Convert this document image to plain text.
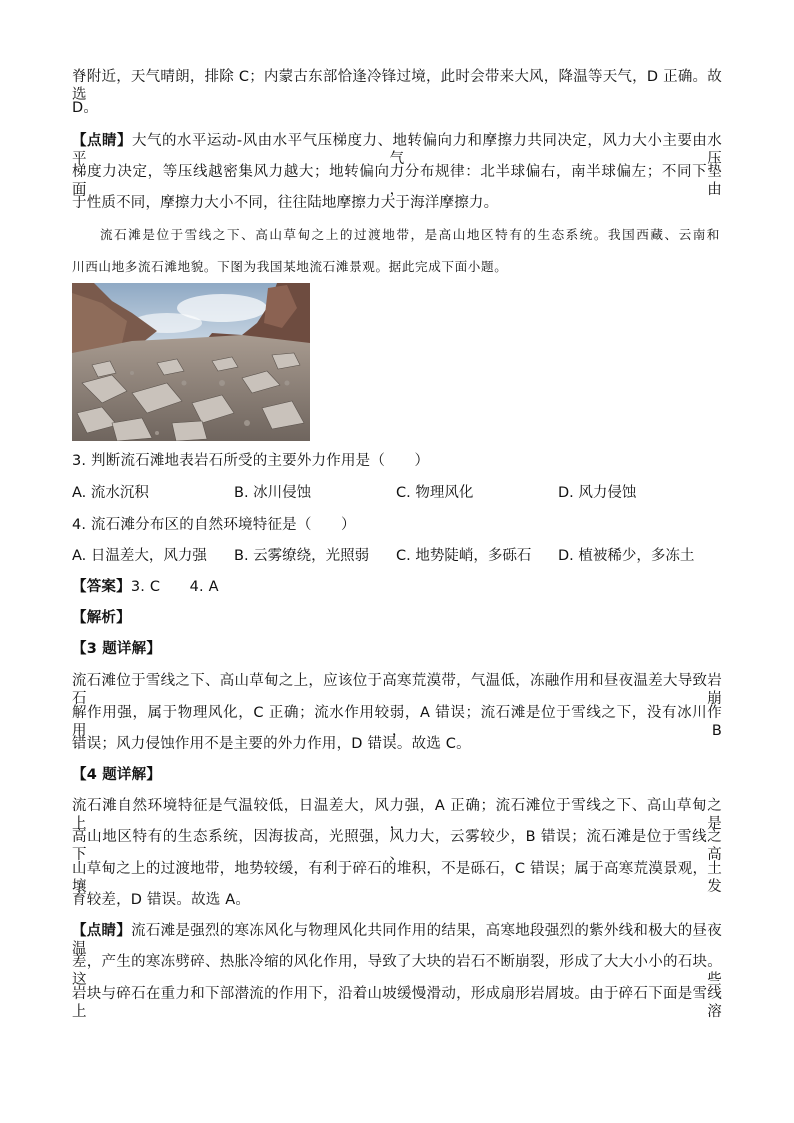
脊附近，天气晴朗，排除 C；内蒙古东部恰逢冷锋过境，此时会带来大风，降温等天气，D 正确。故选
D。
【点睛】大气的水平运动-风由水平气压梯度力、地转偏向力和摩擦力共同决定，风力大小主要由水平气压
梯度力决定，等压线越密集风力越大；地转偏向力分布规律：北半球偏右，南半球偏左；不同下垫面，由
于性质不同，摩擦力大小不同，往往陆地摩擦力大于海洋摩擦力。
流石滩是位于雪线之下、高山草甸之上的过渡地带，是高山地区特有的生态系统。我国西藏、云南和
川西山地多流石滩地貌。下图为我国某地流石滩景观。据此完成下面小题。
3. 判断流石滩地表岩石所受的主要外力作用是（　　）
A. 流水沉积	B. 冰川侵蚀	C. 物理风化	D. 风力侵蚀
4. 流石滩分布区的自然环境特征是（　　）
A. 日温差大，风力强 B. 云雾缭绕，光照弱 C. 地势陡峭，多砾石 D. 植被稀少，多冻土
【答案】3. C　　4. A
【解析】
【3 题详解】
流石滩位于雪线之下、高山草甸之上，应该位于高寒荒漠带，气温低，冻融作用和昼夜温差大导致岩石崩
解作用强，属于物理风化，C 正确；流水作用较弱，A 错误；流石滩是位于雪线之下，没有冰川作用，B
错误；风力侵蚀作用不是主要的外力作用，D 错误。故选 C。
【4 题详解】
流石滩自然环境特征是气温较低，日温差大，风力强，A 正确；流石滩位于雪线之下、高山草甸之上，是
高山地区特有的生态系统，因海拔高，光照强，风力大，云雾较少，B 错误；流石滩是位于雪线之下、高
山草甸之上的过渡地带，地势较缓，有利于碎石的堆积，不是砾石，C 错误；属于高寒荒漠景观，土壤发
育较差，D 错误。故选 A。
【点睛】流石滩是强烈的寒冻风化与物理风化共同作用的结果，高寒地段强烈的紫外线和极大的昼夜温
差，产生的寒冻劈碎、热胀冷缩的风化作用，导致了大块的岩石不断崩裂，形成了大大小小的石块。这些
岩块与碎石在重力和下部潜流的作用下，沿着山坡缓慢滑动，形成扇形岩屑坡。由于碎石下面是雪线上溶
